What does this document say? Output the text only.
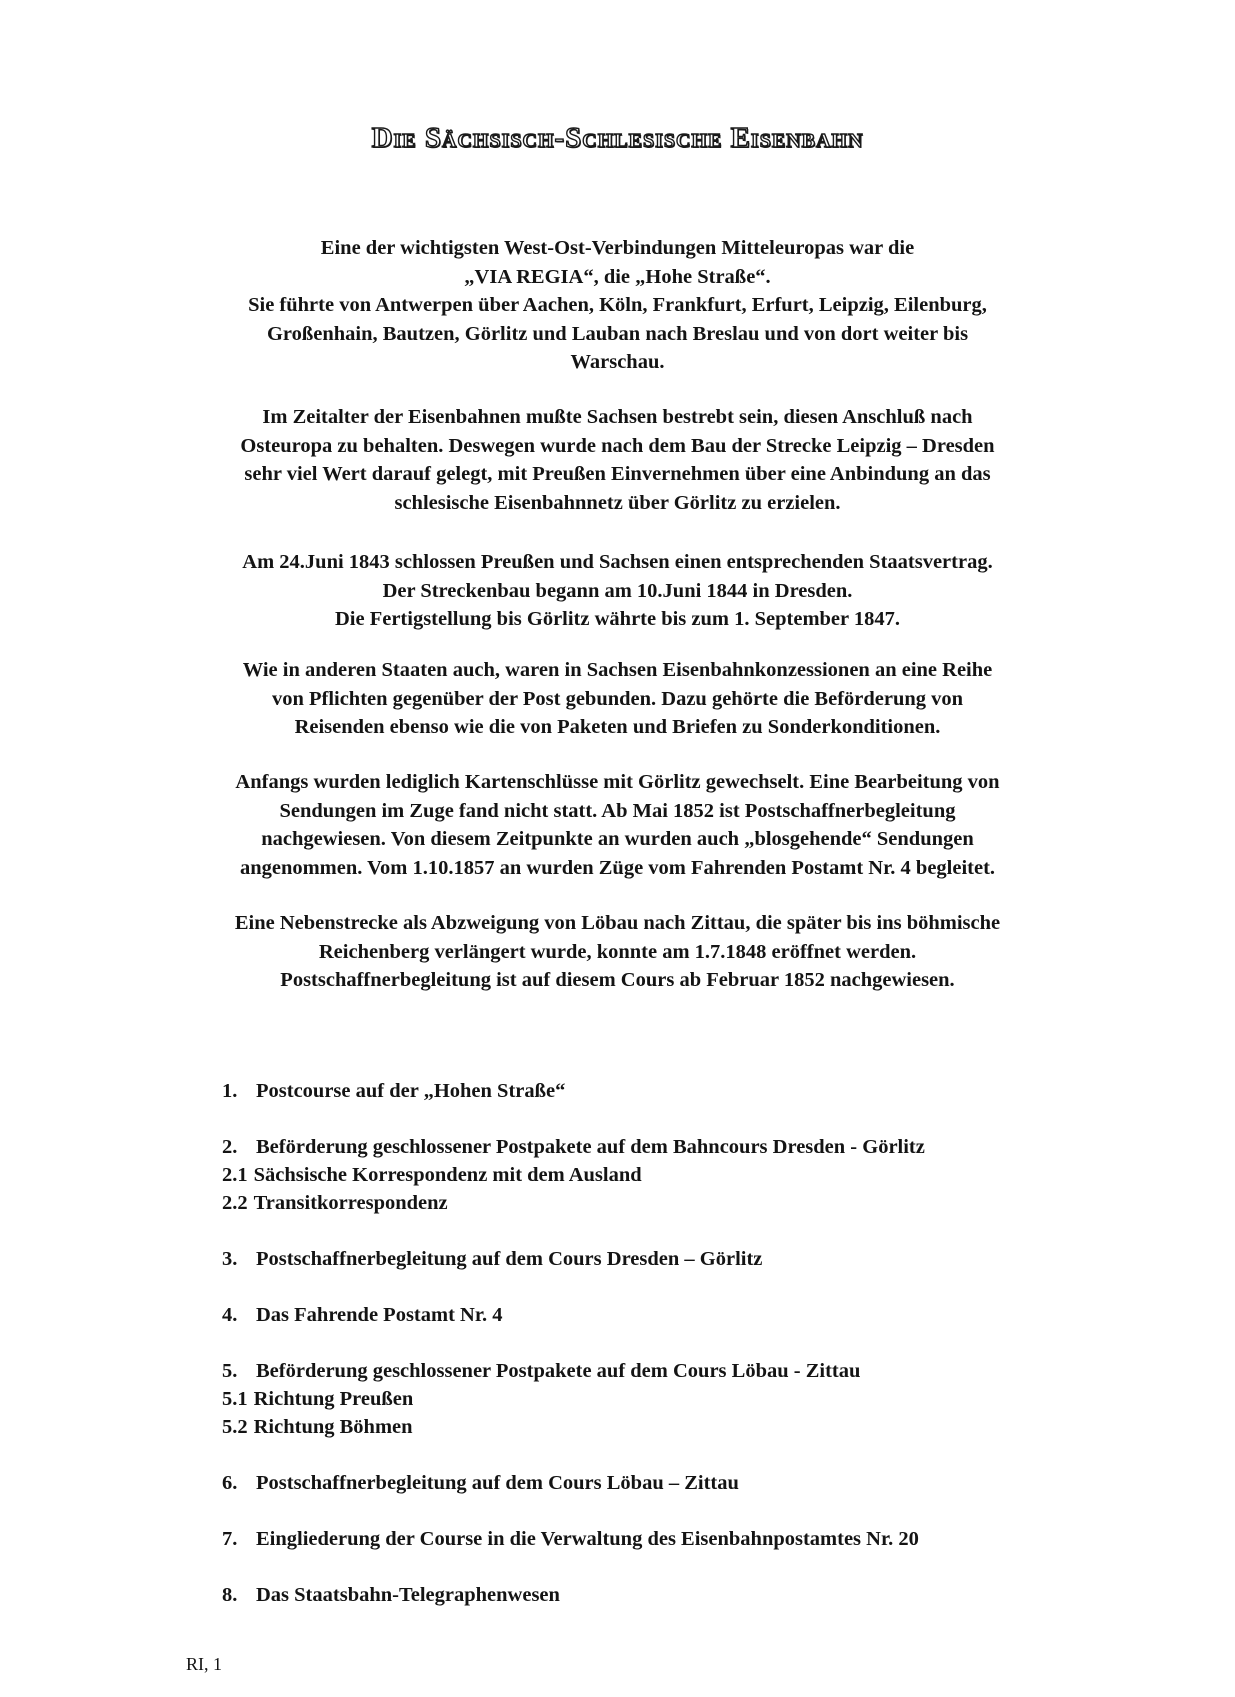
Die Sächsisch-Schlesische Eisenbahn

Eine der wichtigsten West-Ost-Verbindungen Mitteleuropas war die
„VIA REGIA“, die „Hohe Straße“.
Sie führte von Antwerpen über Aachen, Köln, Frankfurt, Erfurt, Leipzig, Eilenburg,
Großenhain, Bautzen, Görlitz und Lauban nach Breslau und von dort weiter bis
Warschau.

Im Zeitalter der Eisenbahnen mußte Sachsen bestrebt sein, diesen Anschluß nach
Osteuropa zu behalten. Deswegen wurde nach dem Bau der Strecke Leipzig – Dresden
sehr viel Wert darauf gelegt, mit Preußen Einvernehmen über eine Anbindung an das
schlesische Eisenbahnnetz über Görlitz zu erzielen.

Am 24.Juni 1843 schlossen Preußen und Sachsen einen entsprechenden Staatsvertrag.
Der Streckenbau begann am 10.Juni 1844 in Dresden.
Die Fertigstellung bis Görlitz währte bis zum 1. September 1847.

Wie in anderen Staaten auch, waren in Sachsen Eisenbahnkonzessionen an eine Reihe
von Pflichten gegenüber der Post gebunden. Dazu gehörte die Beförderung von
Reisenden ebenso wie die von Paketen und Briefen zu Sonderkonditionen.

Anfangs wurden lediglich Kartenschlüsse mit Görlitz gewechselt. Eine Bearbeitung von
Sendungen im Zuge fand nicht statt. Ab Mai 1852 ist Postschaffnerbegleitung
nachgewiesen. Von diesem Zeitpunkte an wurden auch „blosgehende“ Sendungen
angenommen. Vom 1.10.1857 an wurden Züge vom Fahrenden Postamt Nr. 4 begleitet.

Eine Nebenstrecke als Abzweigung von Löbau nach Zittau, die später bis ins böhmische
Reichenberg verlängert wurde, konnte am 1.7.1848 eröffnet werden.
Postschaffnerbegleitung ist auf diesem Cours ab Februar 1852 nachgewiesen.

1. Postcourse auf der „Hohen Straße“
2. Beförderung geschlossener Postpakete auf dem Bahncours Dresden - Görlitz
2.1 Sächsische Korrespondenz mit dem Ausland
2.2 Transitkorrespondenz
3. Postschaffnerbegleitung auf dem Cours Dresden – Görlitz
4. Das Fahrende Postamt Nr. 4
5. Beförderung geschlossener Postpakete auf dem Cours Löbau - Zittau
5.1 Richtung Preußen
5.2 Richtung Böhmen
6. Postschaffnerbegleitung auf dem Cours Löbau – Zittau
7. Eingliederung der Course in die Verwaltung des Eisenbahnpostamtes Nr. 20
8. Das Staatsbahn-Telegraphenwesen
RI, 1
